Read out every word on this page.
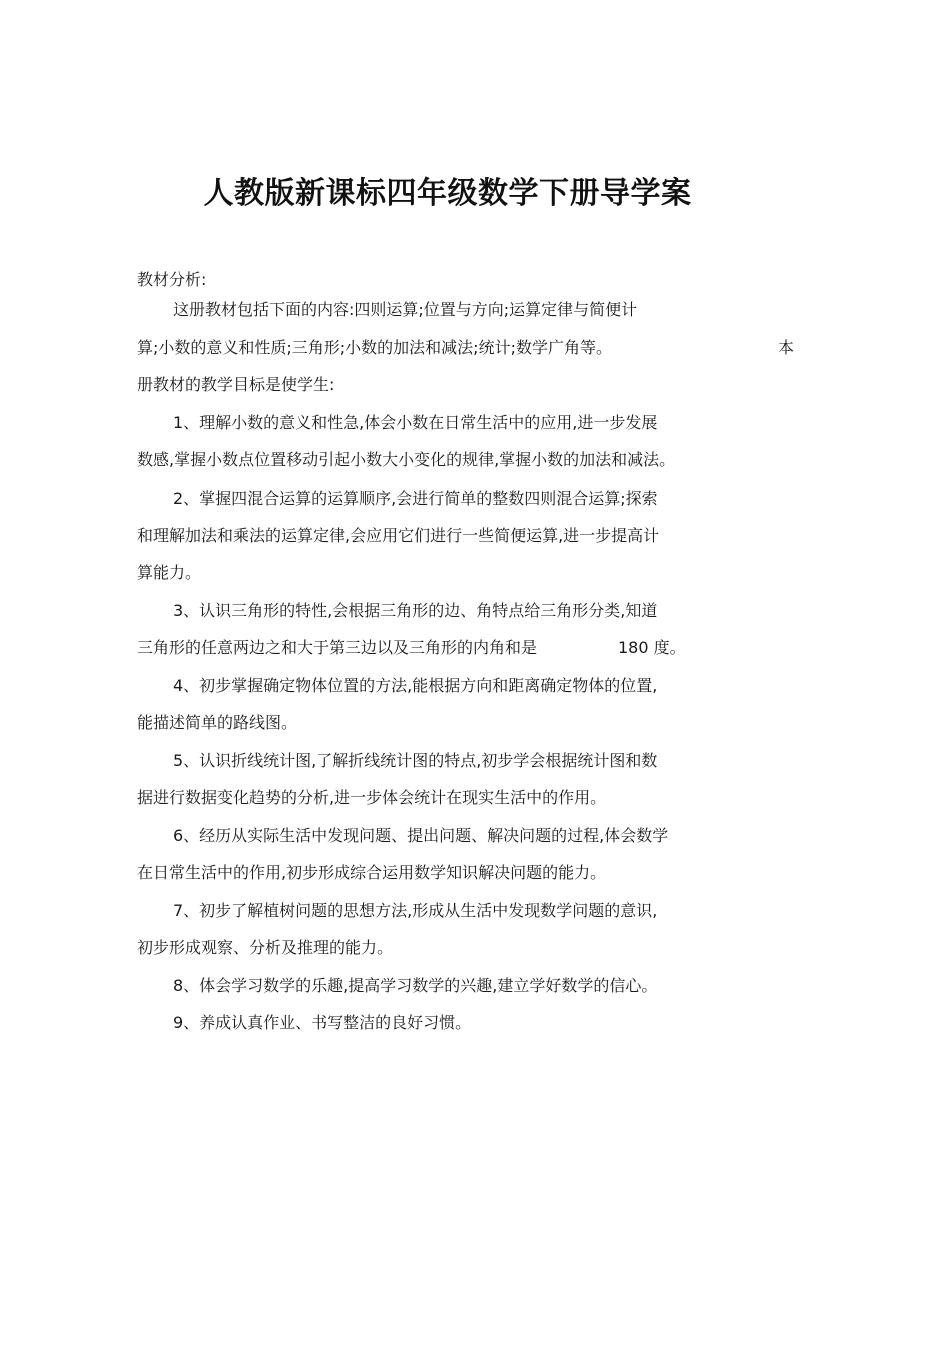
人教版新课标四年级数学下册导学案
教材分析:
这册教材包括下面的内容:四则运算;位置与方向;运算定律与简便计
算;小数的意义和性质;三角形;小数的加法和减法;统计;数学广角等。	本
册教材的教学目标是使学生:
1、理解小数的意义和性急,体会小数在日常生活中的应用,进一步发展
数感,掌握小数点位置移动引起小数大小变化的规律,掌握小数的加法和减法。
2、掌握四混合运算的运算顺序,会进行简单的整数四则混合运算;探索
和理解加法和乘法的运算定律,会应用它们进行一些简便运算,进一步提高计
算能力。
3、认识三角形的特性,会根据三角形的边、角特点给三角形分类,知道
三角形的任意两边之和大于第三边以及三角形的内角和是	180 度。
4、初步掌握确定物体位置的方法,能根据方向和距离确定物体的位置,
能描述简单的路线图。
5、认识折线统计图,了解折线统计图的特点,初步学会根据统计图和数
据进行数据变化趋势的分析,进一步体会统计在现实生活中的作用。
6、经历从实际生活中发现问题、提出问题、解决问题的过程,体会数学
在日常生活中的作用,初步形成综合运用数学知识解决问题的能力。
7、初步了解植树问题的思想方法,形成从生活中发现数学问题的意识,
初步形成观察、分析及推理的能力。
8、体会学习数学的乐趣,提高学习数学的兴趣,建立学好数学的信心。
9、养成认真作业、书写整洁的良好习惯。
